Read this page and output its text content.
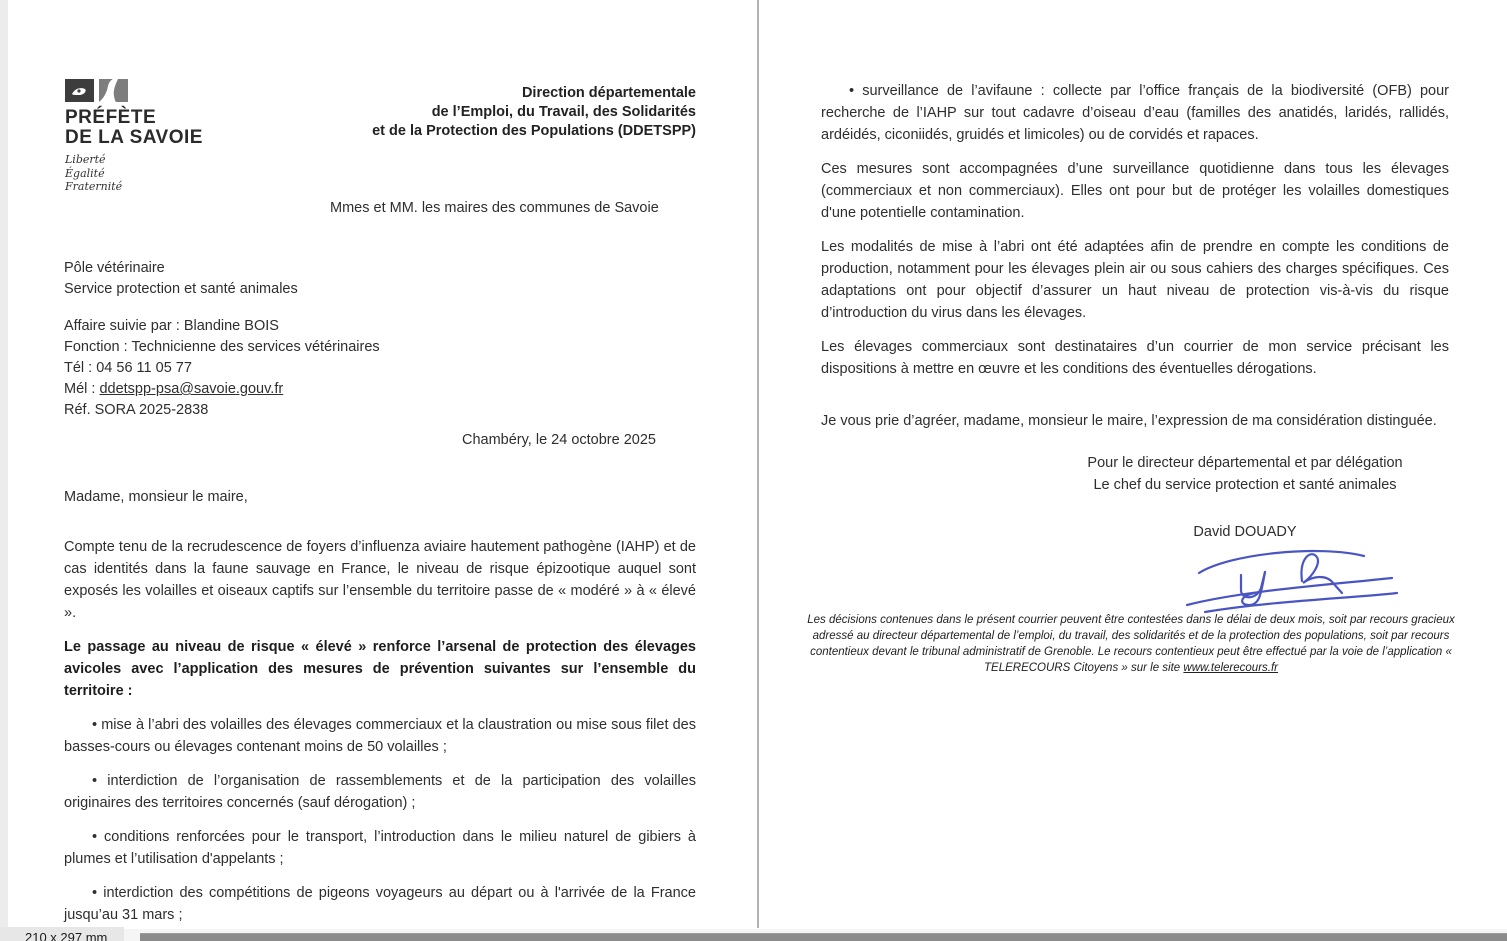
PRÉFÈTE
DE LA SAVOIE
Liberté
Égalité
Fraternité
Direction départementale
de l’Emploi, du Travail, des Solidarités
et de la Protection des Populations (DDETSPP)
Mmes et MM. les maires des communes de Savoie
Pôle vétérinaire
Service protection et santé animales
Affaire suivie par : Blandine BOIS
Fonction : Technicienne des services vétérinaires
Tél : 04 56 11 05 77
Mél : ddetspp-psa@savoie.gouv.fr
Réf. SORA 2025-2838
Chambéry, le 24 octobre 2025
Madame, monsieur le maire,

Compte tenu de la recrudescence de foyers d’influenza aviaire hautement pathogène (IAHP) et de cas identités dans la faune sauvage en France, le niveau de risque épizootique auquel sont exposés les volailles et oiseaux captifs sur l’ensemble du territoire passe de « modéré » à « élevé ».

Le passage au niveau de risque « élevé » renforce l’arsenal de protection des élevages avicoles avec l’application des mesures de prévention suivantes sur l’ensemble du territoire :

• mise à l’abri des volailles des élevages commerciaux et la claustration ou mise sous filet des basses-cours ou élevages contenant moins de 50 volailles ;

• interdiction de l’organisation de rassemblements et de la participation des volailles originaires des territoires concernés (sauf dérogation) ;

• conditions renforcées pour le transport, l’introduction dans le milieu naturel de gibiers à plumes et l’utilisation d'appelants ;

• interdiction des compétitions de pigeons voyageurs au départ ou à l'arrivée de la France jusqu’au 31 mars ;

• surveillance de l’avifaune : collecte par l’office français de la biodiversité (OFB) pour recherche de l’IAHP sur tout cadavre d’oiseau d’eau (familles des anatidés, laridés, rallidés, ardéidés, ciconiidés, gruidés et limicoles) ou de corvidés et rapaces.

Ces mesures sont accompagnées d’une surveillance quotidienne dans tous les élevages (commerciaux et non commerciaux). Elles ont pour but de protéger les volailles domestiques d'une potentielle contamination.

Les modalités de mise à l’abri ont été adaptées afin de prendre en compte les conditions de production, notamment pour les élevages plein air ou sous cahiers des charges spécifiques. Ces adaptations ont pour objectif d’assurer un haut niveau de protection vis-à-vis du risque d’introduction du virus dans les élevages.

Les élevages commerciaux sont destinataires d’un courrier de mon service précisant les dispositions à mettre en œuvre et les conditions des éventuelles dérogations.

Je vous prie d’agréer, madame, monsieur le maire, l’expression de ma considération distinguée.

Pour le directeur départemental et par délégation
Le chef du service protection et santé animales
David DOUADY
Les décisions contenues dans le présent courrier peuvent être contestées dans le délai de deux mois, soit par recours gracieux adressé au directeur départemental de l’emploi, du travail, des solidarités et de la protection des populations, soit par recours contentieux devant le tribunal administratif de Grenoble. Le recours contentieux peut être effectué par la voie de l’application « TELERECOURS Citoyens » sur le site www.telerecours.fr
210 x 297 mm
